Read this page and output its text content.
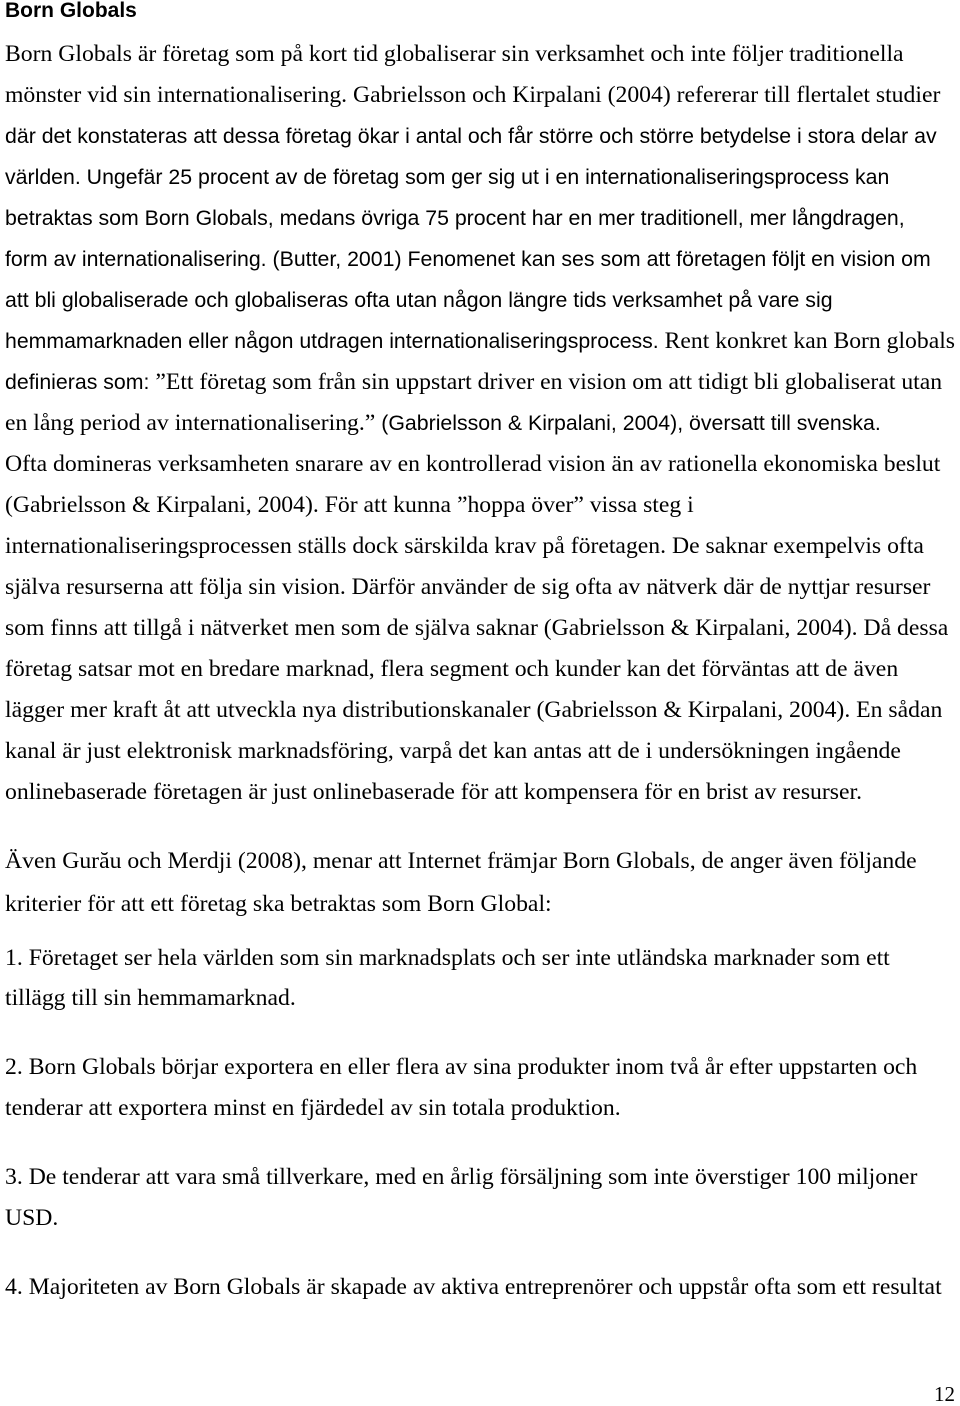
Born Globals
Born Globals är företag som på kort tid globaliserar sin verksamhet och inte följer traditionella
mönster vid sin internationalisering. Gabrielsson och Kirpalani (2004) refererar till flertalet studier
där det konstateras att dessa företag ökar i antal och får större och större betydelse i stora delar av
världen. Ungefär 25 procent av de företag som ger sig ut i en internationaliseringsprocess kan
betraktas som Born Globals, medans övriga 75 procent har en mer traditionell, mer långdragen,
form av internationalisering. (Butter, 2001) Fenomenet kan ses som att företagen följt en vision om
att bli globaliserade och globaliseras ofta utan någon längre tids verksamhet på vare sig
hemmamarknaden eller någon utdragen internationaliseringsprocess. Rent konkret kan Born globals
definieras som: ”Ett företag som från sin uppstart driver en vision om att tidigt bli globaliserat utan
en lång period av internationalisering.” (Gabrielsson & Kirpalani, 2004), översatt till svenska.
Ofta domineras verksamheten snarare av en kontrollerad vision än av rationella ekonomiska beslut
(Gabrielsson & Kirpalani, 2004). För att kunna ”hoppa över” vissa steg i
internationaliseringsprocessen ställs dock särskilda krav på företagen. De saknar exempelvis ofta
själva resurserna att följa sin vision. Därför använder de sig ofta av nätverk där de nyttjar resurser
som finns att tillgå i nätverket men som de själva saknar (Gabrielsson & Kirpalani, 2004). Då dessa
företag satsar mot en bredare marknad, flera segment och kunder kan det förväntas att de även
lägger mer kraft åt att utveckla nya distributionskanaler (Gabrielsson & Kirpalani, 2004). En sådan
kanal är just elektronisk marknadsföring, varpå det kan antas att de i undersökningen ingående
onlinebaserade företagen är just onlinebaserade för att kompensera för en brist av resurser.
Även Gurău och Merdji (2008), menar att Internet främjar Born Globals, de anger även följande
kriterier för att ett företag ska betraktas som Born Global:
1. Företaget ser hela världen som sin marknadsplats och ser inte utländska marknader som ett
tillägg till sin hemmamarknad.
2. Born Globals börjar exportera en eller flera av sina produkter inom två år efter uppstarten och
tenderar att exportera minst en fjärdedel av sin totala produktion.
3. De tenderar att vara små tillverkare, med en årlig försäljning som inte överstiger 100 miljoner
USD.
4. Majoriteten av Born Globals är skapade av aktiva entreprenörer och uppstår ofta som ett resultat
12
